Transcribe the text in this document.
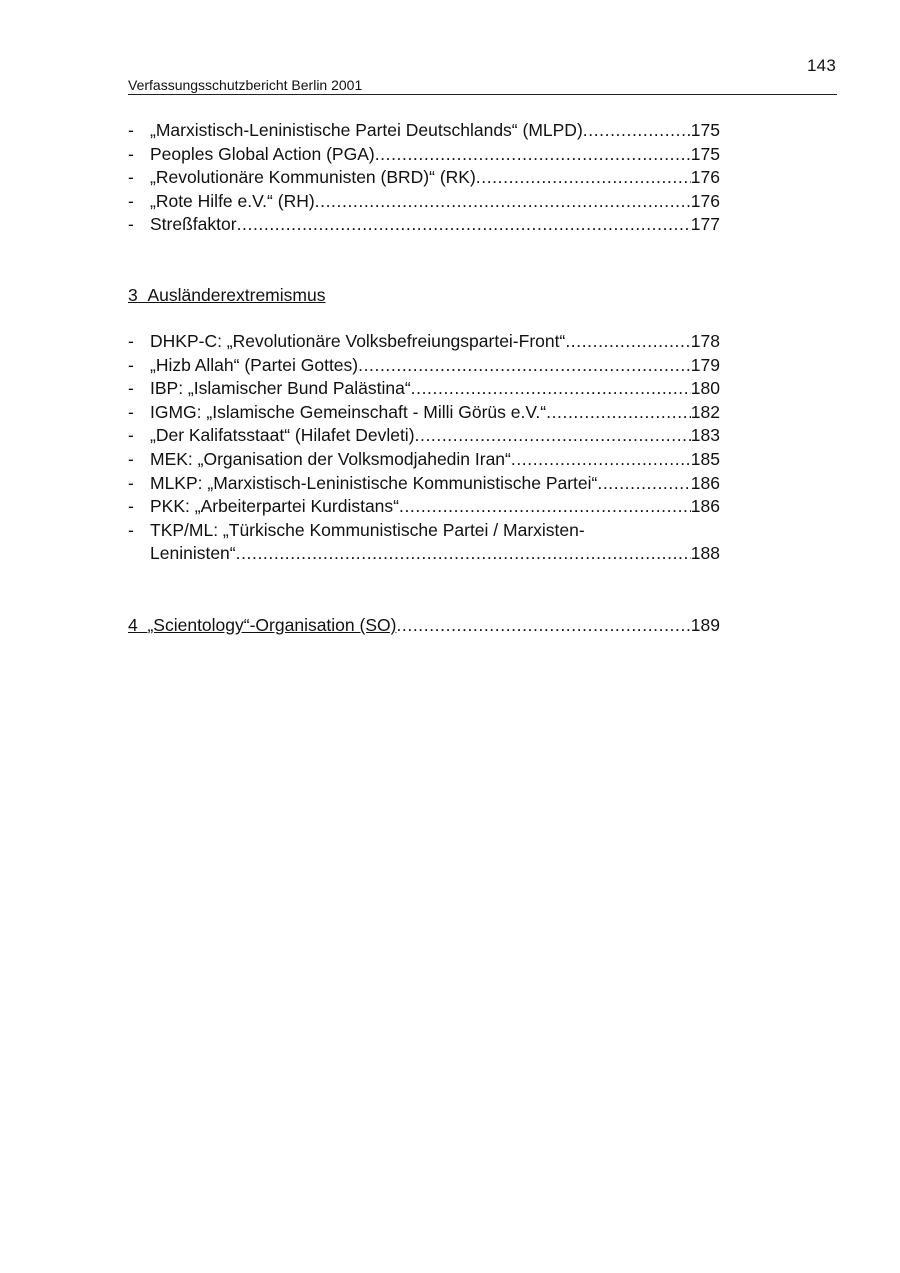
143
Verfassungsschutzbericht Berlin 2001
- „Marxistisch-Leninistische Partei Deutschlands“ (MLPD) .....	175
- Peoples Global Action (PGA) .....	175
- „Revolutionäre Kommunisten (BRD)“ (RK) .....	176
- „Rote Hilfe e.V.“ (RH) .....	176
- Streßfaktor .....	177
3 Ausländerextremismus
- DHKP-C: „Revolutionäre Volksbefreiungspartei-Front“ .....	178
- „Hizb Allah“ (Partei Gottes) .....	179
- IBP: „Islamischer Bund Palästina“ .....	180
- IGMG: „Islamische Gemeinschaft - Milli Görüs e.V.“ .....	182
- „Der Kalifatsstaat“ (Hilafet Devleti) .....	183
- MEK: „Organisation der Volksmodjahedin Iran“ .....	185
- MLKP: „Marxistisch-Leninistische Kommunistische Partei“ .....	186
- PKK: „Arbeiterpartei Kurdistans“ .....	186
- TKP/ML: „Türkische Kommunistische Partei / Marxisten-
Leninisten“ .....	188
4
„Scientology“-Organisation (SO) .....	189
